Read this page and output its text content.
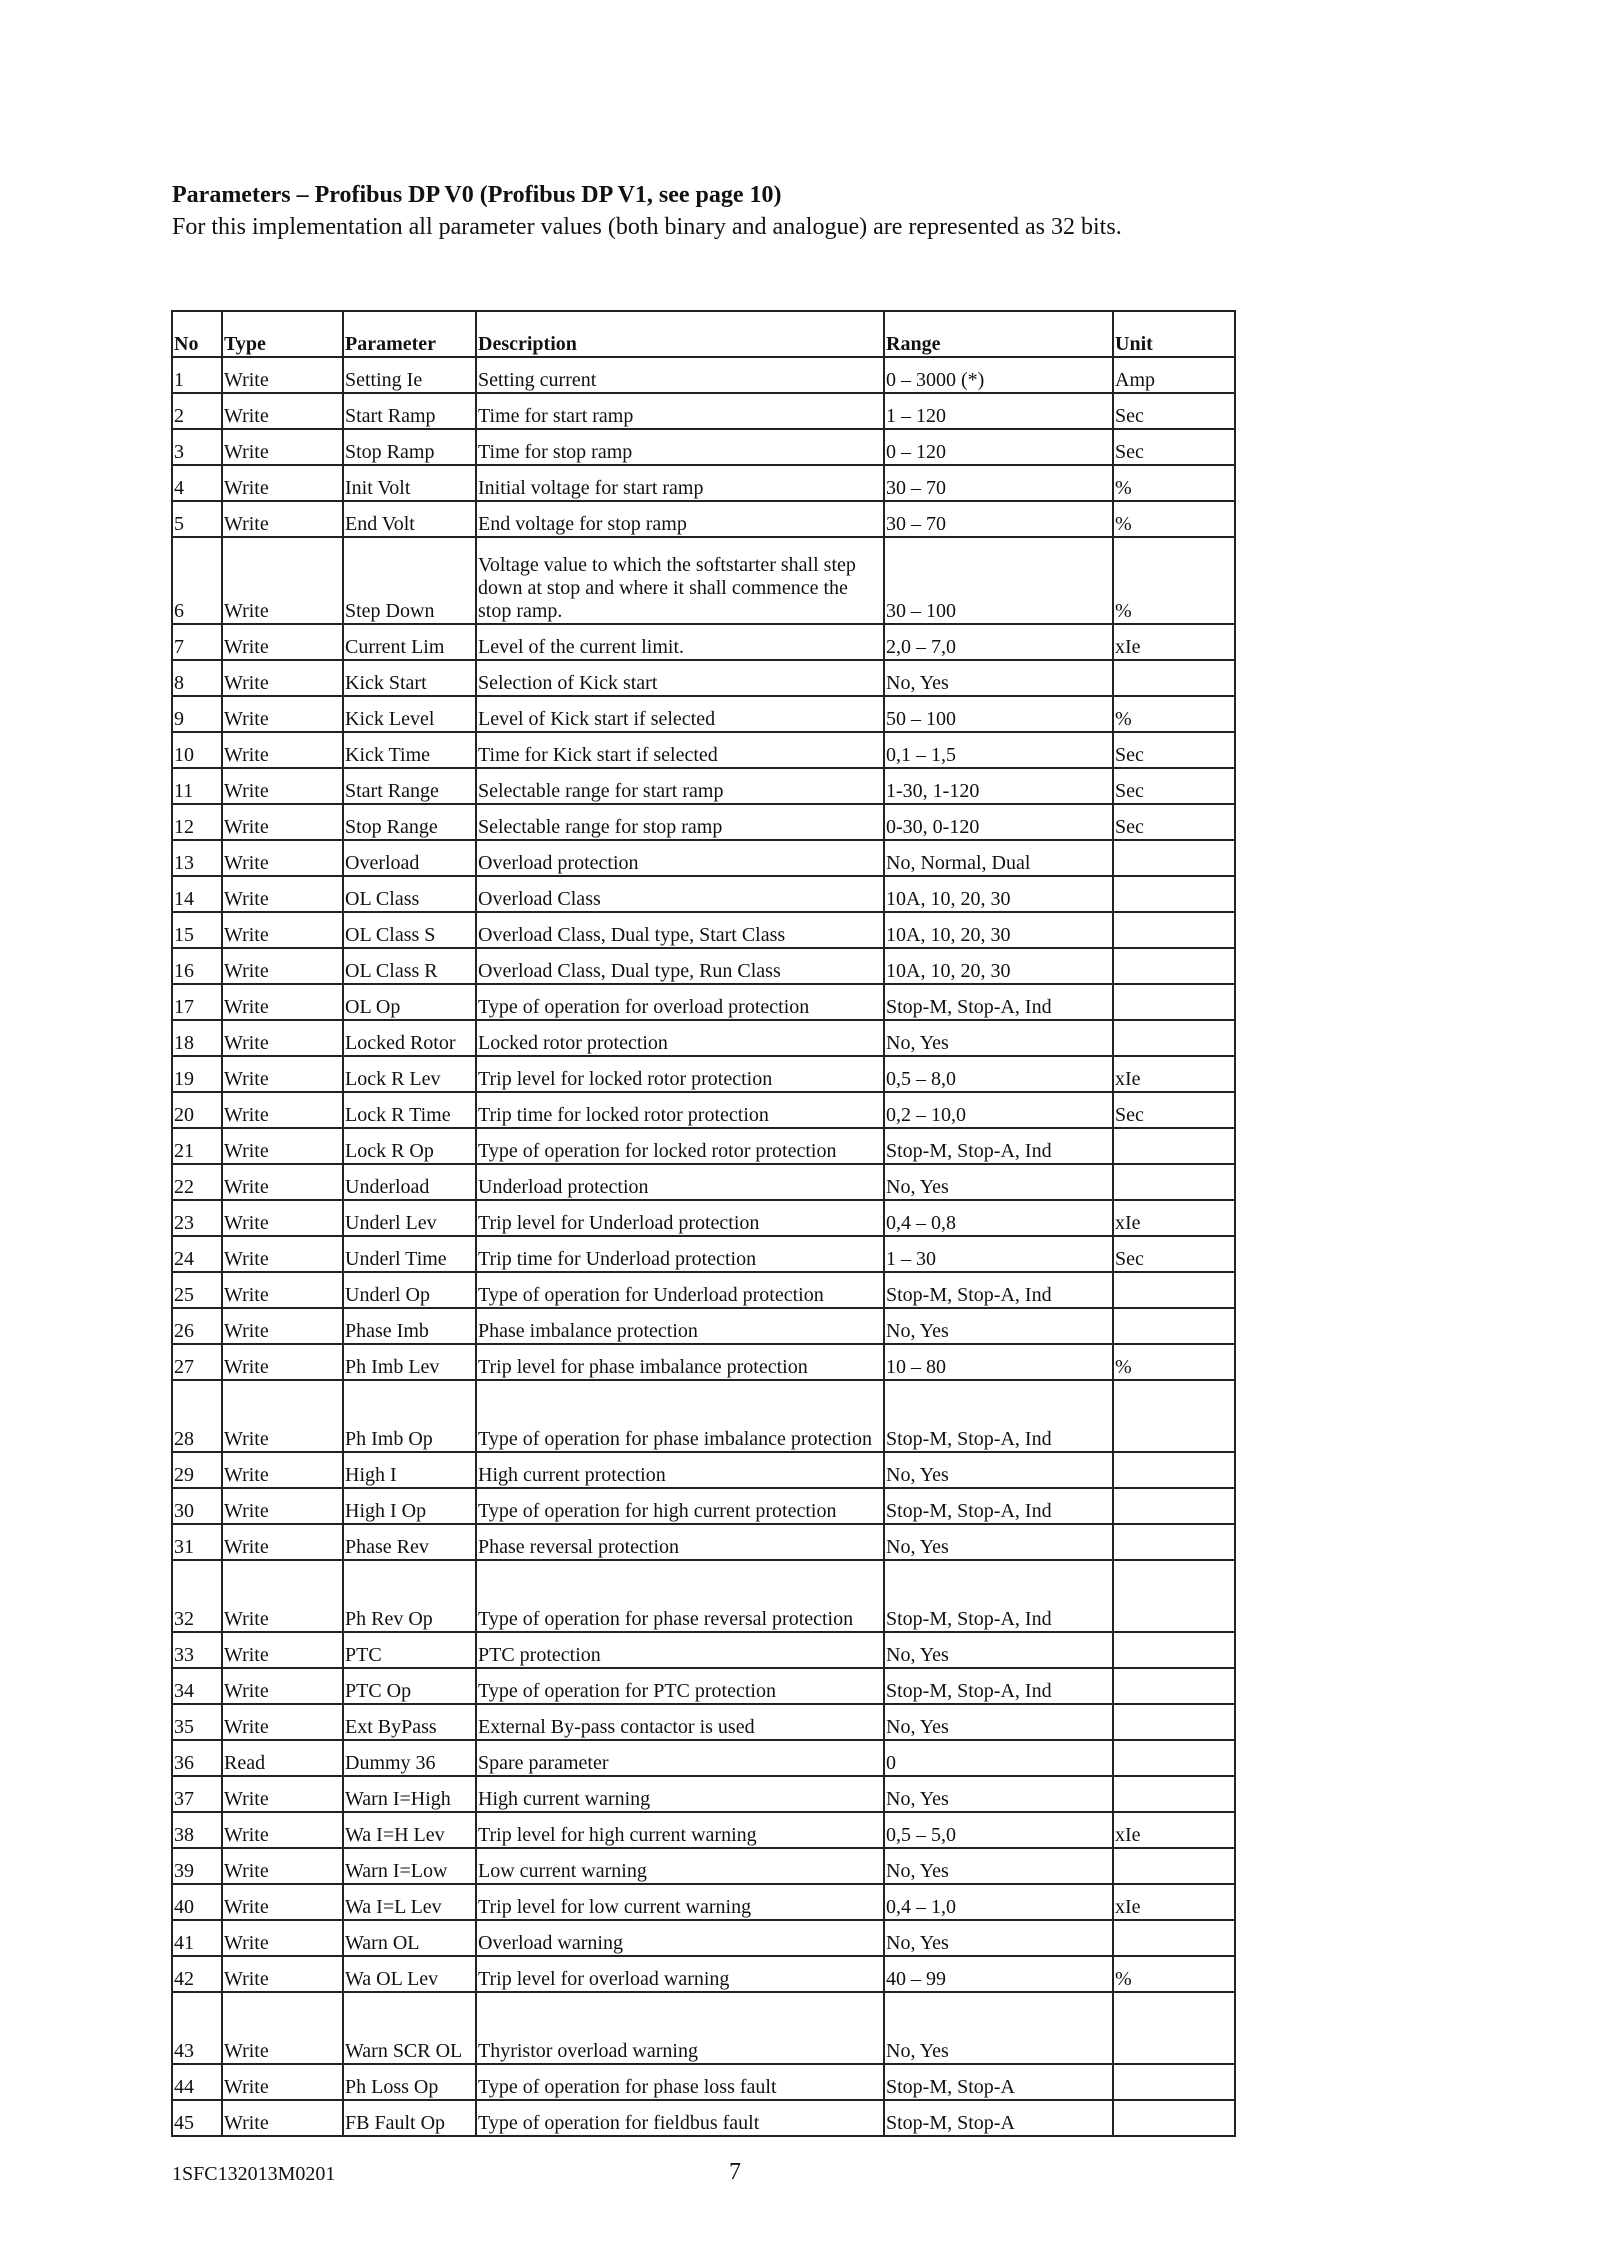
Parameters – Profibus DP V0 (Profibus DP V1, see page 10)
For this implementation all parameter values (both binary and analogue) are represented as 32 bits.
No	Type	Parameter	Description	Range	Unit
1	Write	Setting Ie	Setting current	0 – 3000 (*)	Amp
2	Write	Start Ramp	Time for start ramp	1 – 120	Sec
3	Write	Stop Ramp	Time for stop ramp	0 – 120	Sec
4	Write	Init Volt	Initial voltage for start ramp	30 – 70	%
5	Write	End Volt	End voltage for stop ramp	30 – 70	%
6	Write	Step Down	Voltage value to which the softstarter shall step down at stop and where it shall commence the stop ramp.	30 – 100	%
7	Write	Current Lim	Level of the current limit.	2,0 – 7,0	xIe
8	Write	Kick Start	Selection of Kick start	No, Yes	
9	Write	Kick Level	Level of Kick start if selected	50 – 100	%
10	Write	Kick Time	Time for Kick start if selected	0,1 – 1,5	Sec
11	Write	Start Range	Selectable range for start ramp	1-30, 1-120	Sec
12	Write	Stop Range	Selectable range for stop ramp	0-30, 0-120	Sec
13	Write	Overload	Overload protection	No, Normal, Dual	
14	Write	OL Class	Overload Class	10A, 10, 20, 30	
15	Write	OL Class S	Overload Class, Dual type, Start Class	10A, 10, 20, 30	
16	Write	OL Class R	Overload Class, Dual type, Run Class	10A, 10, 20, 30	
17	Write	OL Op	Type of operation for overload protection	Stop-M, Stop-A, Ind	
18	Write	Locked Rotor	Locked rotor protection	No, Yes	
19	Write	Lock R Lev	Trip level for locked rotor protection	0,5 – 8,0	xIe
20	Write	Lock R Time	Trip time for locked rotor protection	0,2 – 10,0	Sec
21	Write	Lock R Op	Type of operation for locked rotor protection	Stop-M, Stop-A, Ind	
22	Write	Underload	Underload protection	No, Yes	
23	Write	Underl Lev	Trip level for Underload protection	0,4 – 0,8	xIe
24	Write	Underl Time	Trip time for Underload protection	1 – 30	Sec
25	Write	Underl Op	Type of operation for Underload protection	Stop-M, Stop-A, Ind	
26	Write	Phase Imb	Phase imbalance protection	No, Yes	
27	Write	Ph Imb Lev	Trip level for phase imbalance protection	10 – 80	%
28	Write	Ph Imb Op	Type of operation for phase imbalance protection	Stop-M, Stop-A, Ind	
29	Write	High I	High current protection	No, Yes	
30	Write	High I Op	Type of operation for high current protection	Stop-M, Stop-A, Ind	
31	Write	Phase Rev	Phase reversal protection	No, Yes	
32	Write	Ph Rev Op	Type of operation for phase reversal protection	Stop-M, Stop-A, Ind	
33	Write	PTC	PTC protection	No, Yes	
34	Write	PTC Op	Type of operation for PTC protection	Stop-M, Stop-A, Ind	
35	Write	Ext ByPass	External By-pass contactor is used	No, Yes	
36	Read	Dummy 36	Spare parameter	0	
37	Write	Warn I=High	High current warning	No, Yes	
38	Write	Wa I=H Lev	Trip level for high current warning	0,5 – 5,0	xIe
39	Write	Warn I=Low	Low current warning	No, Yes	
40	Write	Wa I=L Lev	Trip level for low current warning	0,4 – 1,0	xIe
41	Write	Warn OL	Overload warning	No, Yes	
42	Write	Wa OL Lev	Trip level for overload warning	40 – 99	%
43	Write	Warn SCR OL	Thyristor overload warning	No, Yes	
44	Write	Ph Loss Op	Type of operation for phase loss fault	Stop-M, Stop-A	
45	Write	FB Fault Op	Type of operation for fieldbus fault	Stop-M, Stop-A	
1SFC132013M0201	7
